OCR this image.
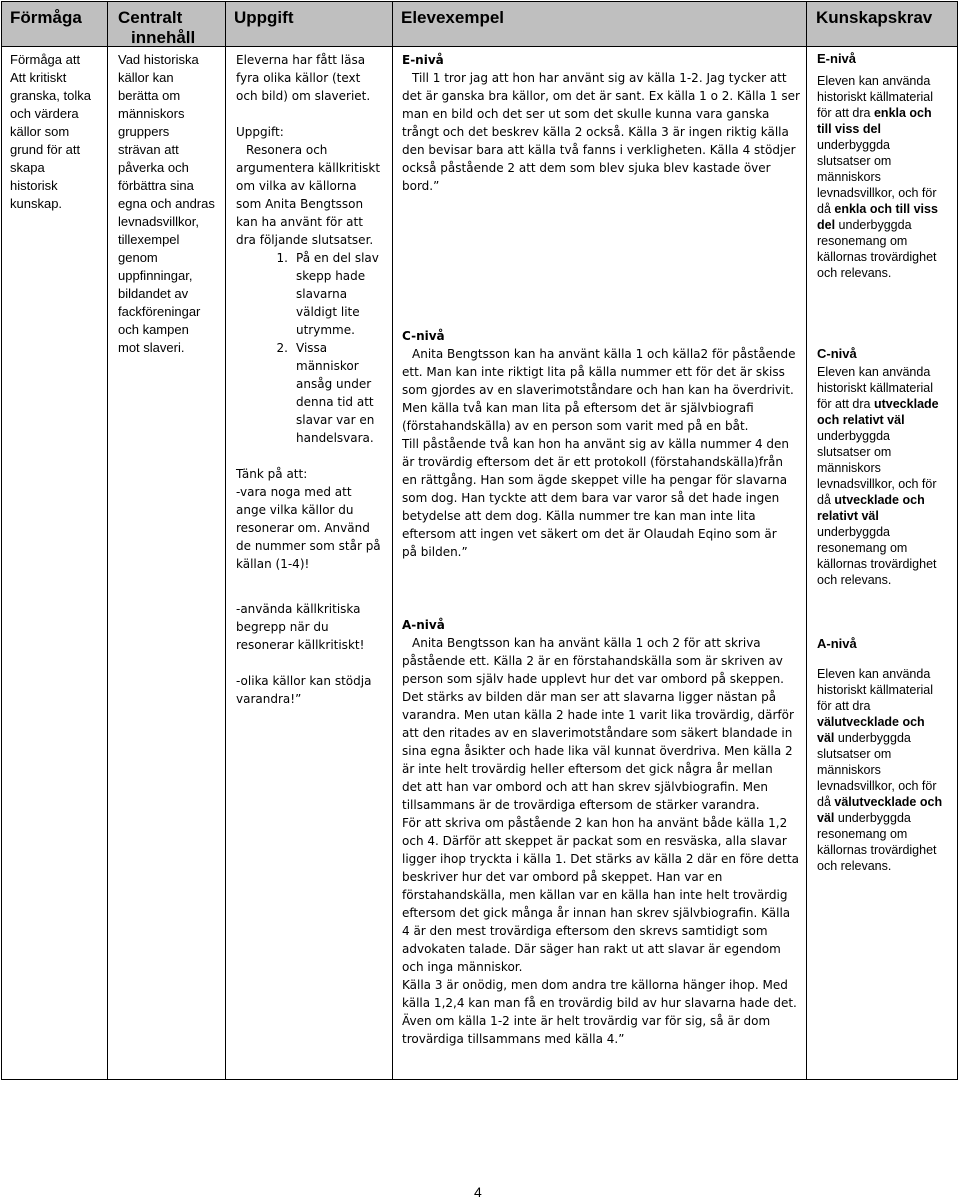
Förmåga Centralt
innehåll
Uppgift	Elevexempel	Kunskapskrav
Förmåga att
Att kritiskt
granska, tolka
och värdera
källor som
grund för att
skapa
historisk
kunskap.
Vad historiska
källor kan
berätta om
människors
gruppers
strävan att
påverka och
förbättra sina
egna och andras
levnadsvillkor,
tillexempel
genom
uppfinningar,
bildandet av
fackföreningar
och kampen
mot slaveri.
Eleverna har fått läsa
fyra olika källor (text
och bild) om slaveriet.
Uppgift:
Resonera och
argumentera källkritiskt
om vilka av källorna
som Anita Bengtsson
kan ha använt för att
dra följande slutsatser.
1. På en del slav
skepp hade
slavarna
väldigt lite
utrymme.
2. Vissa
människor
ansåg under
denna tid att
slavar var en
handelsvara.
Tänk på att:
-vara noga med att
ange vilka källor du
resonerar om. Använd
de nummer som står på
källan (1-4)!
-använda källkritiska
begrepp när du
resonerar källkritiskt!

-olika källor kan stödja
varandra!”
E-nivå
Till 1 tror jag att hon har använt sig av källa 1-2. Jag tycker att
det är ganska bra källor, om det är sant. Ex källa 1 o 2. Källa 1 ser
man en bild och det ser ut som det skulle kunna vara ganska
trångt och det beskrev källa 2 också. Källa 3 är ingen riktig källa
den bevisar bara att källa två fanns i verkligheten. Källa 4 stödjer
också påstående 2 att dem som blev sjuka blev kastade över
bord.”
C-nivå
Anita Bengtsson kan ha använt källa 1 och källa2 för påstående
ett. Man kan inte riktigt lita på källa nummer ett för det är skiss
som gjordes av en slaverimotståndare och han kan ha överdrivit.
Men källa två kan man lita på eftersom det är självbiografi
(förstahandskälla) av en person som varit med på en båt.
Till påstående två kan hon ha använt sig av källa nummer 4 den
är trovärdig eftersom det är ett protokoll (förstahandskälla)från
en rättgång. Han som ägde skeppet ville ha pengar för slavarna
som dog. Han tyckte att dem bara var varor så det hade ingen
betydelse att dem dog. Källa nummer tre kan man inte lita
eftersom att ingen vet säkert om det är Olaudah Eqino som är
på bilden.”
A-nivå
Anita Bengtsson kan ha använt källa 1 och 2 för att skriva
påstående ett. Källa 2 är en förstahandskälla som är skriven av
person som själv hade upplevt hur det var ombord på skeppen.
Det stärks av bilden där man ser att slavarna ligger nästan på
varandra. Men utan källa 2 hade inte 1 varit lika trovärdig, därför
att den ritades av en slaverimotståndare som säkert blandade in
sina egna åsikter och hade lika väl kunnat överdriva. Men källa 2
är inte helt trovärdig heller eftersom det gick några år mellan
det att han var ombord och att han skrev självbiografin. Men
tillsammans är de trovärdiga eftersom de stärker varandra.
För att skriva om påstående 2 kan hon ha använt både källa 1,2
och 4. Därför att skeppet är packat som en resväska, alla slavar
ligger ihop tryckta i källa 1. Det stärks av källa 2 där en före detta
beskriver hur det var ombord på skeppet. Han var en
förstahandskälla, men källan var en källa han inte helt trovärdig
eftersom det gick många år innan han skrev självbiografin. Källa
4 är den mest trovärdiga eftersom den skrevs samtidigt som
advokaten talade. Där säger han rakt ut att slavar är egendom
och inga människor.
Källa 3 är onödig, men dom andra tre källorna hänger ihop. Med
källa 1,2,4 kan man få en trovärdig bild av hur slavarna hade det.
Även om källa 1-2 inte är helt trovärdig var för sig, så är dom
trovärdiga tillsammans med källa 4.”
E-nivå
Eleven kan använda
historiskt källmaterial
för att dra enkla och
till viss del
underbyggda
slutsatser om
människors
levnadsvillkor, och för
då enkla och till viss
del underbyggda
resonemang om
källornas trovärdighet
och relevans.
C-nivå
Eleven kan använda
historiskt källmaterial
för att dra utvecklade
och relativt väl
underbyggda
slutsatser om
människors
levnadsvillkor, och för
då utvecklade och
relativt väl
underbyggda
resonemang om
källornas trovärdighet
och relevans.
A-nivå
Eleven kan använda
historiskt källmaterial
för att dra
välutvecklade och
väl underbyggda
slutsatser om
människors
levnadsvillkor, och för
då välutvecklade och
väl underbyggda
resonemang om
källornas trovärdighet
och relevans.
4
